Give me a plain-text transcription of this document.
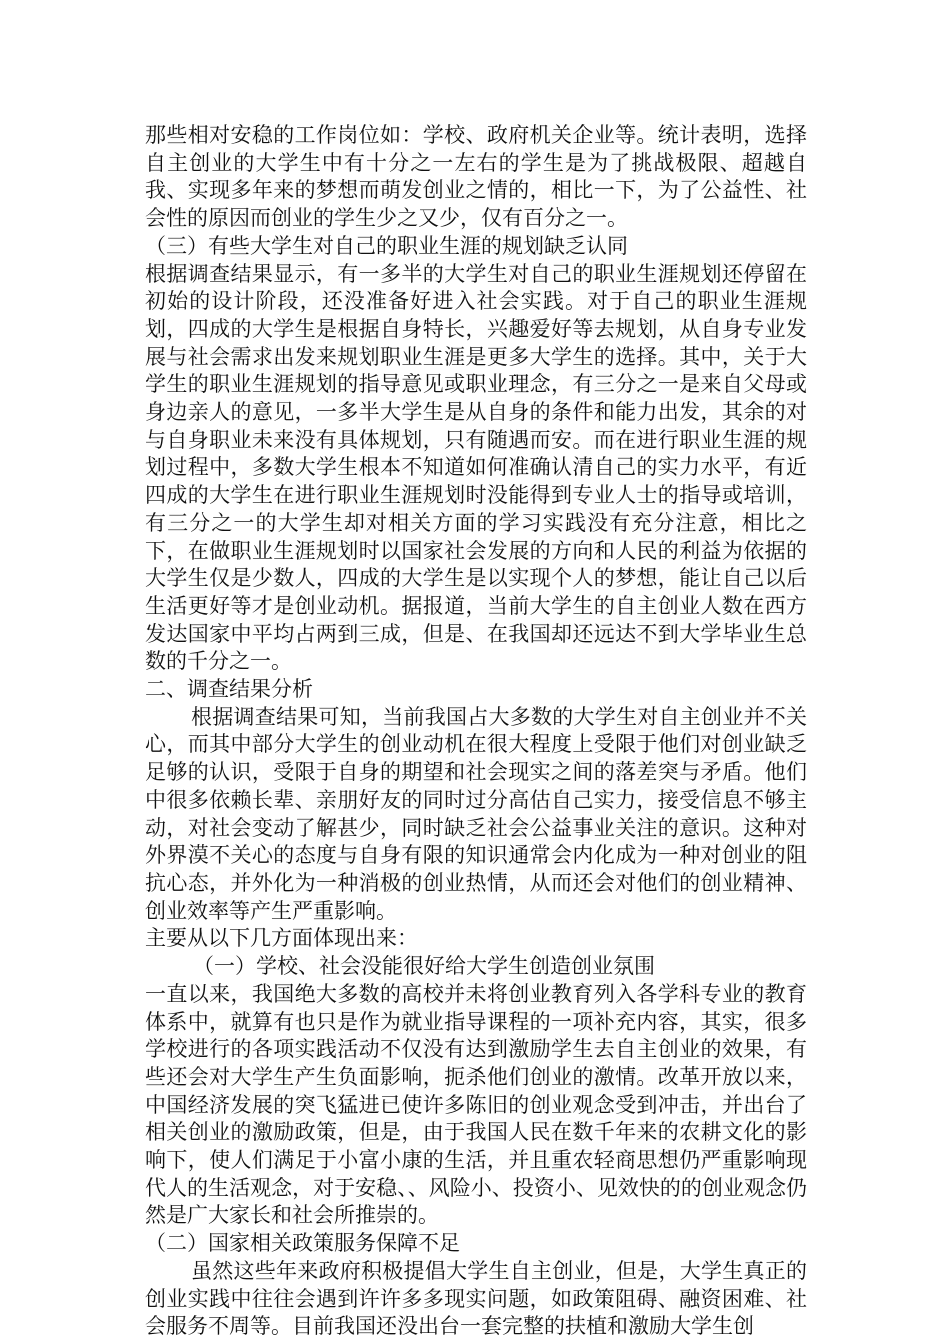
那些相对安稳的工作岗位如：学校、政府机关企业等。统计表明，选择自主创业的大学生中有十分之一左右的学生是为了挑战极限、超越自我、实现多年来的梦想而萌发创业之情的，相比一下，为了公益性、社会性的原因而创业的学生少之又少，仅有百分之一。

（三）有些大学生对自己的职业生涯的规划缺乏认同

根据调查结果显示，有一多半的大学生对自己的职业生涯规划还停留在初始的设计阶段，还没准备好进入社会实践。对于自己的职业生涯规划，四成的大学生是根据自身特长，兴趣爱好等去规划，从自身专业发展与社会需求出发来规划职业生涯是更多大学生的选择。其中，关于大学生的职业生涯规划的指导意见或职业理念，有三分之一是来自父母或身边亲人的意见，一多半大学生是从自身的条件和能力出发，其余的对与自身职业未来没有具体规划，只有随遇而安。而在进行职业生涯的规划过程中，多数大学生根本不知道如何准确认清自己的实力水平，有近四成的大学生在进行职业生涯规划时没能得到专业人士的指导或培训，有三分之一的大学生却对相关方面的学习实践没有充分注意，相比之下，在做职业生涯规划时以国家社会发展的方向和人民的利益为依据的大学生仅是少数人，四成的大学生是以实现个人的梦想，能让自己以后生活更好等才是创业动机。据报道，当前大学生的自主创业人数在西方发达国家中平均占两到三成，但是、在我国却还远达不到大学毕业生总数的千分之一。

二、调查结果分析

根据调查结果可知，当前我国占大多数的大学生对自主创业并不关心，而其中部分大学生的创业动机在很大程度上受限于他们对创业缺乏足够的认识，受限于自身的期望和社会现实之间的落差突与矛盾。他们中很多依赖长辈、亲朋好友的同时过分高估自己实力，接受信息不够主动，对社会变动了解甚少，同时缺乏社会公益事业关注的意识。这种对外界漠不关心的态度与自身有限的知识通常会内化成为一种对创业的阻抗心态，并外化为一种消极的创业热情，从而还会对他们的创业精神、创业效率等产生严重影响。

主要从以下几方面体现出来：

（一）学校、社会没能很好给大学生创造创业氛围

一直以来，我国绝大多数的高校并未将创业教育列入各学科专业的教育体系中，就算有也只是作为就业指导课程的一项补充内容，其实，很多学校进行的各项实践活动不仅没有达到激励学生去自主创业的效果，有些还会对大学生产生负面影响，扼杀他们创业的激情。改革开放以来，中国经济发展的突飞猛进已使许多陈旧的创业观念受到冲击，并出台了相关创业的激励政策，但是，由于我国人民在数千年来的农耕文化的影响下，使人们满足于小富小康的生活，并且重农轻商思想仍严重影响现代人的生活观念，对于安稳、、风险小、投资小、见效快的的创业观念仍然是广大家长和社会所推崇的。

（二）国家相关政策服务保障不足

虽然这些年来政府积极提倡大学生自主创业，但是，大学生真正的创业实践中往往会遇到许许多多现实问题，如政策阻碍、融资困难、社会服务不周等。目前我国还没出台一套完整的扶植和激励大学生创
